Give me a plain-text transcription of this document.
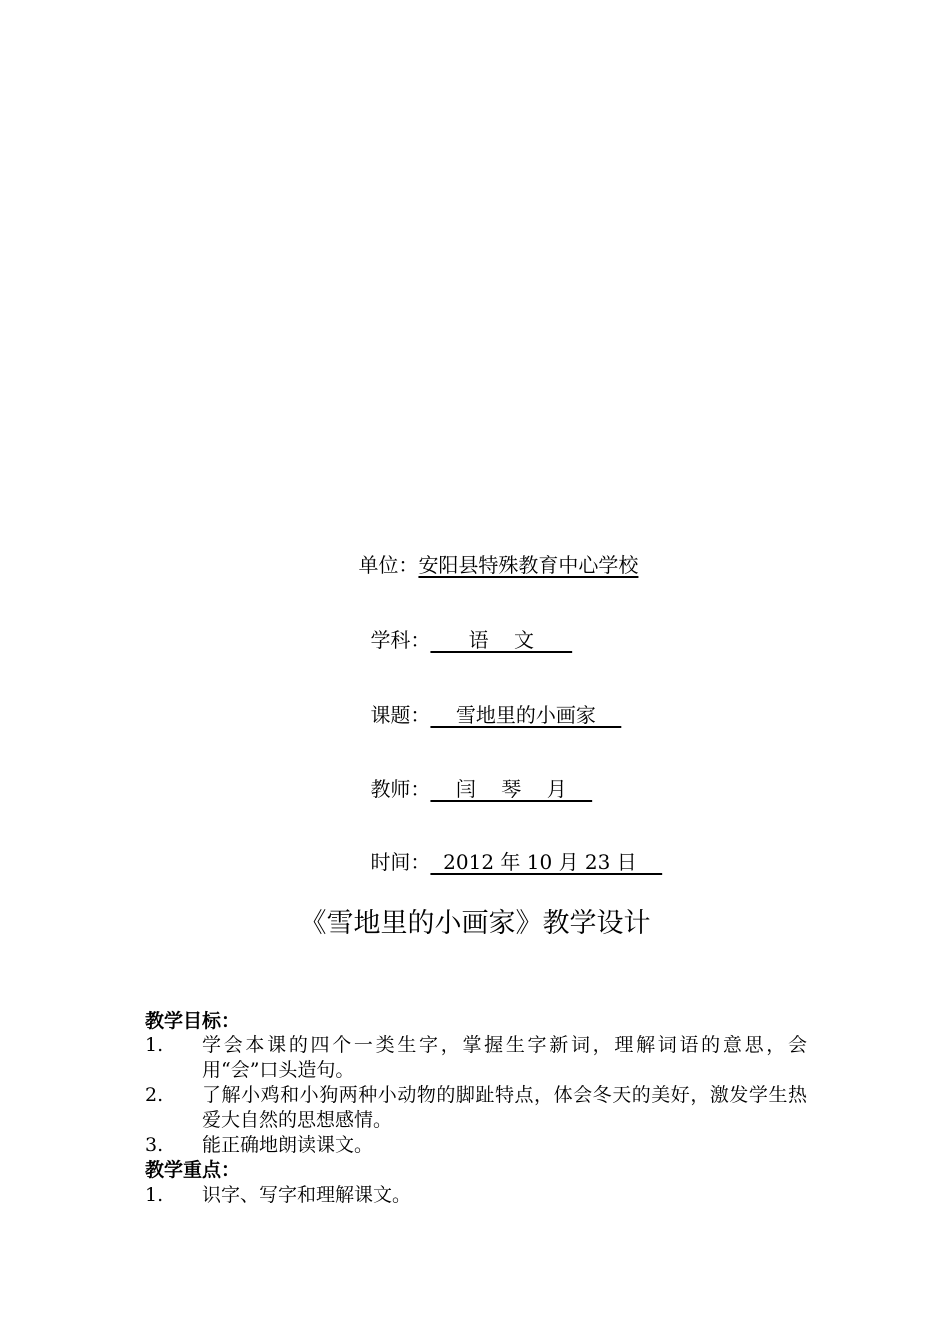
单位：安阳县特殊教育中心学校

学科：      语    文

课题：    雪地里的小画家

教师：    闫    琴    月

时间：  2012 年 10 月 23 日

《雪地里的小画家》教学设计
教学目标：
1. 学会本课的四个一类生字，掌握生字新词，理解词语的意思，会用“会”口头造句。
2. 了解小鸡和小狗两种小动物的脚趾特点，体会冬天的美好，激发学生热爱大自然的思想感情。
3. 能正确地朗读课文。
教学重点：
1. 识字、写字和理解课文。
